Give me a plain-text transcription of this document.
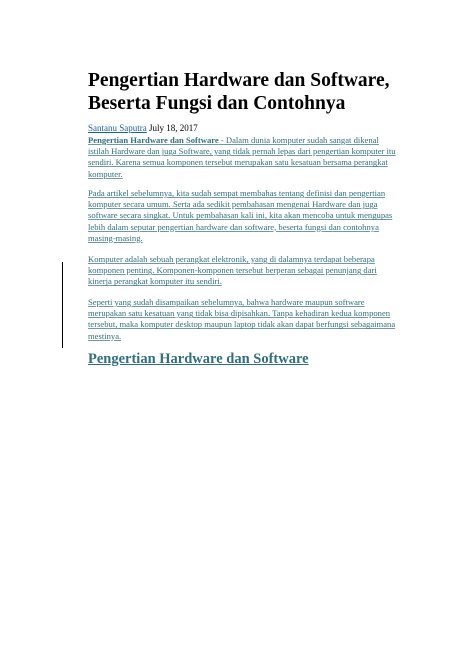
Pengertian Hardware dan Software,
Beserta Fungsi dan Contohnya
Santanu Saputra July 18, 2017

Pengertian Hardware dan Software - Dalam dunia komputer sudah sangat dikenal istilah Hardware dan juga Software, yang tidak pernah lepas dari pengertian komputer itu sendiri. Karena semua komponen tersebut merupakan satu kesatuan bersama perangkat komputer.

Pada artikel sebelumnya, kita sudah sempat membahas tentang definisi dan pengertian komputer secara umum. Serta ada sedikit pembahasan mengenai Hardware dan juga software secara singkat. Untuk pembahasan kali ini, kita akan mencoba untuk mengupas lebih dalam seputar pengertian hardware dan software, beserta fungsi dan contohnya masing-masing.

Komputer adalah sebuah perangkat elektronik, yang di dalamnya terdapat beberapa komponen penting. Komponen-komponen tersebut berperan sebagai penunjang dari kinerja perangkat komputer itu sendiri.

Seperti yang sudah disampaikan sebelumnya, bahwa hardware maupun software merupakan satu kesatuan yang tidak bisa dipisahkan. Tanpa kehadiran kedua komponen tersebut, maka komputer desktop maupun laptop tidak akan dapat berfungsi sebagaimana mestinya.

Pengertian Hardware dan Software
